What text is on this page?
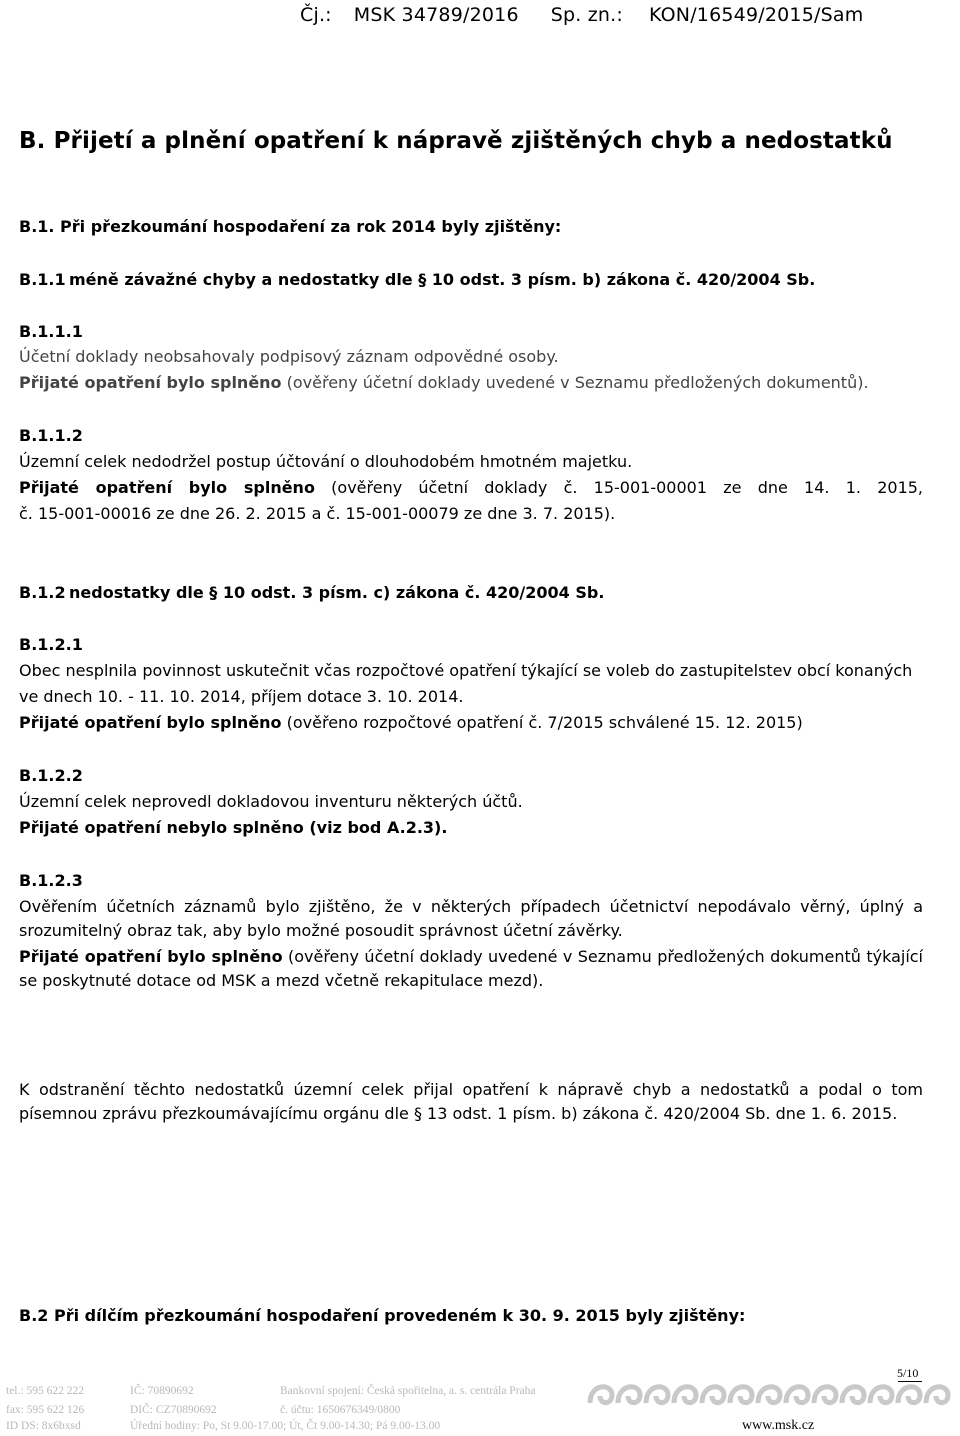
Čj.: MSK 34789/2016 Sp. zn.: KON/16549/2015/Sam
B. Přijetí a plnění opatření k nápravě zjištěných chyb a nedostatků
B.1. Při přezkoumání hospodaření za rok 2014 byly zjištěny:
B.1.1 méně závažné chyby a nedostatky dle § 10 odst. 3 písm. b) zákona č. 420/2004 Sb.
B.1.1.1
Účetní doklady neobsahovaly podpisový záznam odpovědné osoby.
Přijaté opatření bylo splněno (ověřeny účetní doklady uvedené v Seznamu předložených dokumentů).
B.1.1.2
Územní celek nedodržel postup účtování o dlouhodobém hmotném majetku.
Přijaté opatření bylo splněno (ověřeny účetní doklady č. 15-001-00001 ze dne 14. 1. 2015,
č. 15-001-00016 ze dne 26. 2. 2015 a č. 15-001-00079 ze dne 3. 7. 2015).
B.1.2 nedostatky dle § 10 odst. 3 písm. c) zákona č. 420/2004 Sb.
B.1.2.1
Obec nesplnila povinnost uskutečnit včas rozpočtové opatření týkající se voleb do zastupitelstev obcí konaných
ve dnech 10. - 11. 10. 2014, příjem dotace 3. 10. 2014.
Přijaté opatření bylo splněno (ověřeno rozpočtové opatření č. 7/2015 schválené 15. 12. 2015)
B.1.2.2
Územní celek neprovedl dokladovou inventuru některých účtů.
Přijaté opatření nebylo splněno (viz bod A.2.3).
B.1.2.3

Ověřením účetních záznamů bylo zjištěno, že v některých případech účetnictví nepodávalo věrný, úplný a srozumitelný obraz tak, aby bylo možné posoudit správnost účetní závěrky.

Přijaté opatření bylo splněno (ověřeny účetní doklady uvedené v Seznamu předložených dokumentů týkající se poskytnuté dotace od MSK a mezd včetně rekapitulace mezd).

K odstranění těchto nedostatků územní celek přijal opatření k nápravě chyb a nedostatků a podal o tom písemnou zprávu přezkoumávajícímu orgánu dle § 13 odst. 1 písm. b) zákona č. 420/2004 Sb. dne 1. 6. 2015.

B.2 Při dílčím přezkoumání hospodaření provedeném k 30. 9. 2015 byly zjištěny:
5/10
tel.: 595 622 222
fax: 595 622 126
ID DS: 8x6bxsd
IČ: 70890692
DIČ: CZ70890692
Úřední hodiny: Po, St 9.00-17.00; Út, Čt 9.00-14.30; Pá 9.00-13.00
Bankovní spojení: Česká spořitelna, a. s. centrála Praha
č. účtu: 1650676349/0800
www.msk.cz
